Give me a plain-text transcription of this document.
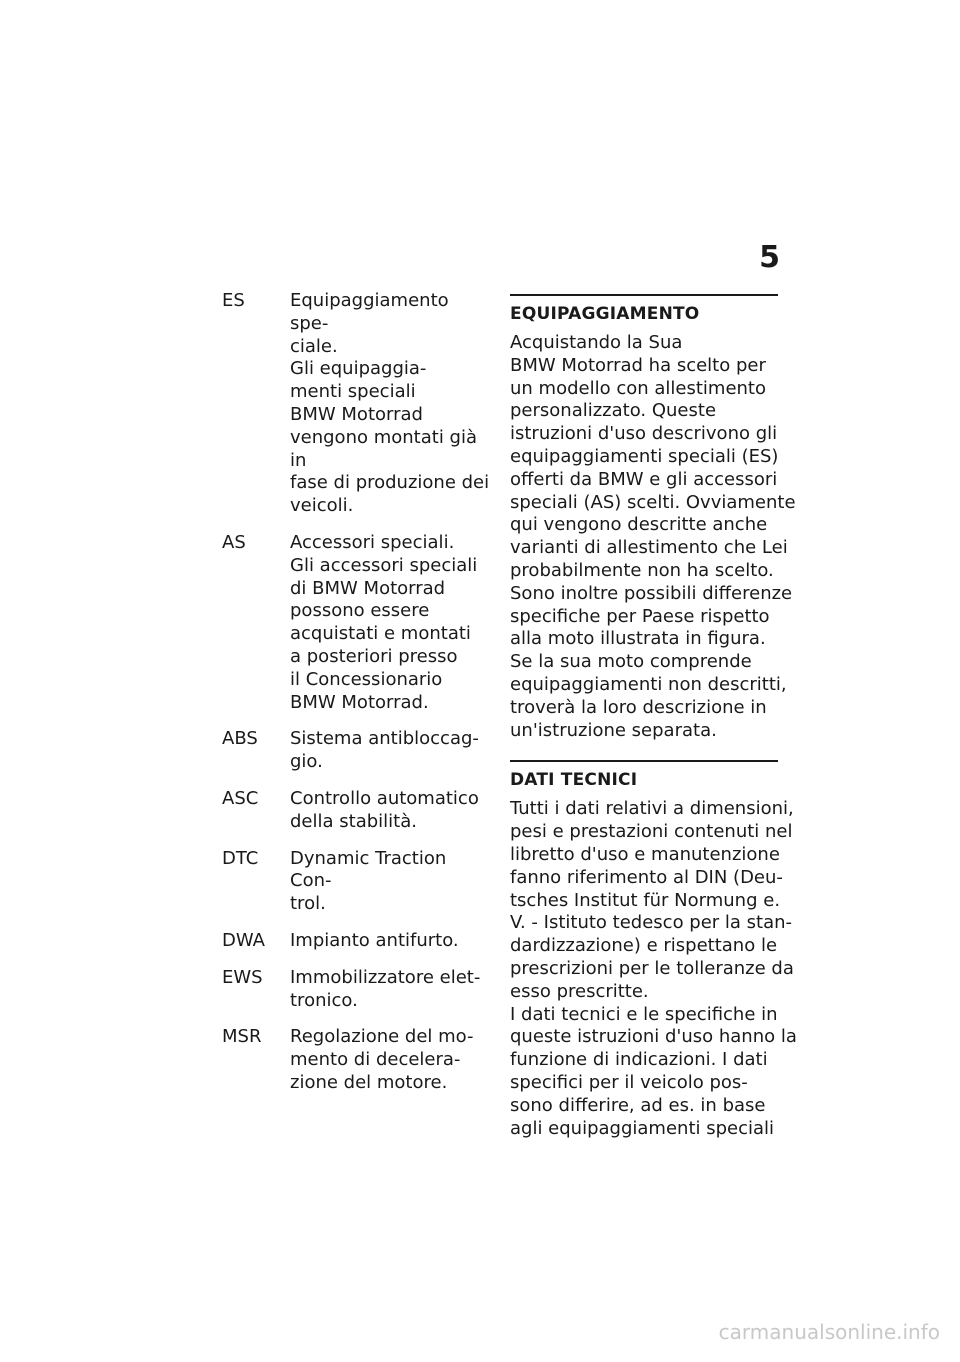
5
ES	Equipaggiamento spe-
ciale.
Gli equipaggia-
menti speciali
BMW Motorrad
vengono montati già in
fase di produzione dei
veicoli.
AS	Accessori speciali.
Gli accessori speciali
di BMW Motorrad
possono essere
acquistati e montati
a posteriori presso
il Concessionario
BMW Motorrad.
ABS	Sistema antibloccag-
gio.
ASC	Controllo automatico
della stabilità.
DTC	Dynamic Traction Con-
trol.
DWA	Impianto antifurto.
EWS	Immobilizzatore elet-
tronico.
MSR	Regolazione del mo-
mento di decelera-
zione del motore.
EQUIPAGGIAMENTO
Acquistando la Sua
BMW Motorrad ha scelto per
un modello con allestimento
personalizzato. Queste
istruzioni d'uso descrivono gli
equipaggiamenti speciali (ES)
offerti da BMW e gli accessori
speciali (AS) scelti. Ovviamente
qui vengono descritte anche
varianti di allestimento che Lei
probabilmente non ha scelto.
Sono inoltre possibili differenze
specifiche per Paese rispetto
alla moto illustrata in figura.
Se la sua moto comprende
equipaggiamenti non descritti,
troverà la loro descrizione in
un'istruzione separata.
DATI TECNICI
Tutti i dati relativi a dimensioni,
pesi e prestazioni contenuti nel
libretto d'uso e manutenzione
fanno riferimento al DIN (Deu-
tsches Institut für Normung e.
V. - Istituto tedesco per la stan-
dardizzazione) e rispettano le
prescrizioni per le tolleranze da
esso prescritte.
I dati tecnici e le specifiche in
queste istruzioni d'uso hanno la
funzione di indicazioni. I dati
specifici per il veicolo pos-
sono differire, ad es. in base
agli equipaggiamenti speciali
carmanualsonline.info
